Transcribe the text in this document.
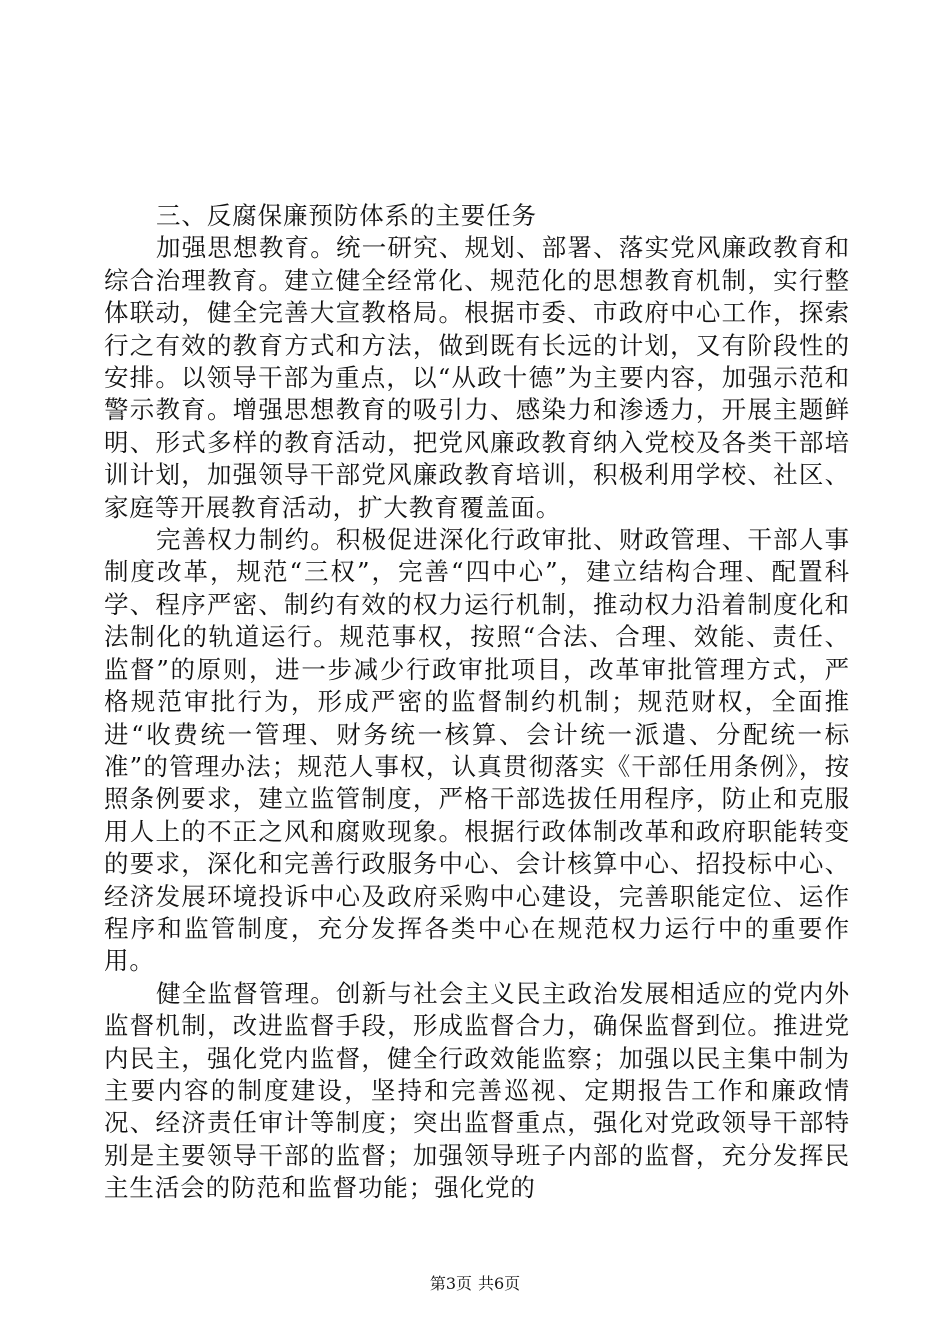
三、反腐保廉预防体系的主要任务

加强思想教育。统一研究、规划、部署、落实党风廉政教育和综合治理教育。建立健全经常化、规范化的思想教育机制，实行整体联动，健全完善大宣教格局。根据市委、市政府中心工作，探索行之有效的教育方式和方法，做到既有长远的计划，又有阶段性的安排。以领导干部为重点，以“从政十德”为主要内容，加强示范和警示教育。增强思想教育的吸引力、感染力和渗透力，开展主题鲜明、形式多样的教育活动，把党风廉政教育纳入党校及各类干部培训计划，加强领导干部党风廉政教育培训，积极利用学校、社区、家庭等开展教育活动，扩大教育覆盖面。

完善权力制约。积极促进深化行政审批、财政管理、干部人事制度改革，规范“三权”，完善“四中心”，建立结构合理、配置科学、程序严密、制约有效的权力运行机制，推动权力沿着制度化和法制化的轨道运行。规范事权，按照“合法、合理、效能、责任、监督”的原则，进一步减少行政审批项目，改革审批管理方式，严格规范审批行为，形成严密的监督制约机制；规范财权，全面推进“收费统一管理、财务统一核算、会计统一派遣、分配统一标准”的管理办法；规范人事权，认真贯彻落实《干部任用条例》，按照条例要求，建立监管制度，严格干部选拔任用程序，防止和克服用人上的不正之风和腐败现象。根据行政体制改革和政府职能转变的要求，深化和完善行政服务中心、会计核算中心、招投标中心、经济发展环境投诉中心及政府采购中心建设，完善职能定位、运作程序和监管制度，充分发挥各类中心在规范权力运行中的重要作用。

健全监督管理。创新与社会主义民主政治发展相适应的党内外监督机制，改进监督手段，形成监督合力，确保监督到位。推进党内民主，强化党内监督，健全行政效能监察；加强以民主集中制为主要内容的制度建设，坚持和完善巡视、定期报告工作和廉政情况、经济责任审计等制度；突出监督重点，强化对党政领导干部特别是主要领导干部的监督；加强领导班子内部的监督，充分发挥民主生活会的防范和监督功能；强化党的

第3页 共6页
